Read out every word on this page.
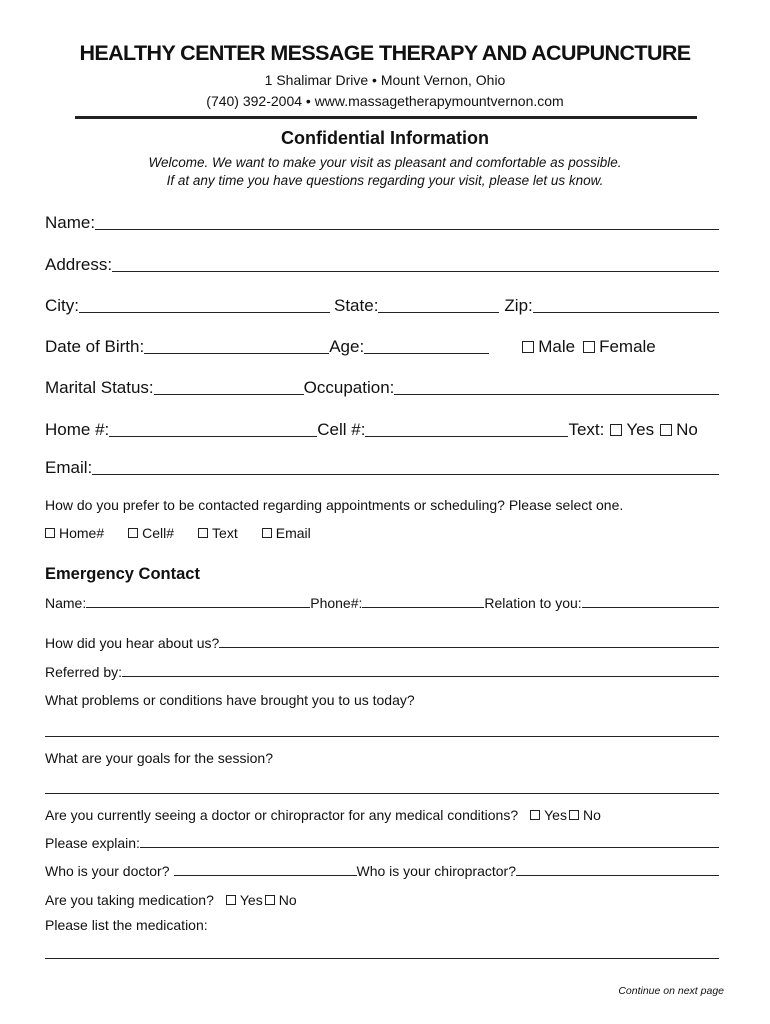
HEALTHY CENTER MESSAGE THERAPY AND ACUPUNCTURE
1 Shalimar Drive • Mount Vernon, Ohio
(740) 392-2004 • www.massagetherapymountvernon.com
Confidential Information
Welcome. We want to make your visit as pleasant and comfortable as possible.
If at any time you have questions regarding your visit, please let us know.
Name:
Address:
City:	State:	Zip:
Date of Birth:	Age:	Male Female
Marital Status:	Occupation:
Home #:	Cell #:	Text: Yes No
Email:
How do you prefer to be contacted regarding appointments or scheduling? Please select one.
Home#	Cell#	Text	Email
Emergency Contact
Name:	Phone#:	Relation to you:
How did you hear about us?
Referred by:
What problems or conditions have brought you to us today?
What are your goals for the session?
Are you currently seeing a doctor or chiropractor for any medical conditions? Yes No
Please explain:
Who is your doctor?	Who is your chiropractor?
Are you taking medication? Yes No
Please list the medication:
Continue on next page
